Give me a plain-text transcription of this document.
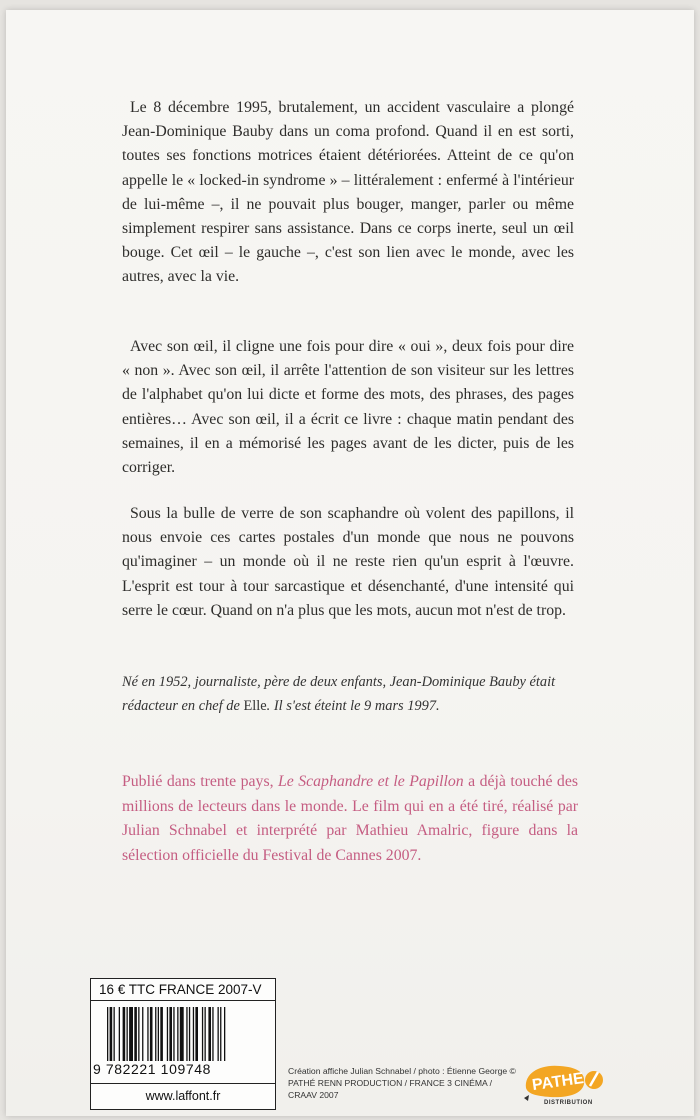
Le 8 décembre 1995, brutalement, un accident vasculaire a plongé Jean-Dominique Bauby dans un coma profond. Quand il en est sorti, toutes ses fonctions motrices étaient détériorées. Atteint de ce qu'on appelle le « locked-in syndrome » – littéralement : enfermé à l'intérieur de lui-même –, il ne pouvait plus bouger, manger, parler ou même simplement respirer sans assistance. Dans ce corps inerte, seul un œil bouge. Cet œil – le gauche –, c'est son lien avec le monde, avec les autres, avec la vie.

Avec son œil, il cligne une fois pour dire « oui », deux fois pour dire « non ». Avec son œil, il arrête l'attention de son visiteur sur les lettres de l'alphabet qu'on lui dicte et forme des mots, des phrases, des pages entières… Avec son œil, il a écrit ce livre : chaque matin pendant des semaines, il en a mémorisé les pages avant de les dicter, puis de les corriger.

Sous la bulle de verre de son scaphandre où volent des papillons, il nous envoie ces cartes postales d'un monde que nous ne pouvons qu'imaginer – un monde où il ne reste rien qu'un esprit à l'œuvre. L'esprit est tour à tour sarcastique et désenchanté, d'une intensité qui serre le cœur. Quand on n'a plus que les mots, aucun mot n'est de trop.

Né en 1952, journaliste, père de deux enfants, Jean-Dominique Bauby était rédacteur en chef de Elle. Il s'est éteint le 9 mars 1997.

Publié dans trente pays, Le Scaphandre et le Papillon a déjà touché des millions de lecteurs dans le monde. Le film qui en a été tiré, réalisé par Julian Schnabel et interprété par Mathieu Amalric, figure dans la sélection officielle du Festival de Cannes 2007.

16 € TTC FRANCE 2007-V
9 782221 109748
www.laffont.fr
Création affiche Julian Schnabel / photo : Étienne George © PATHÉ RENN PRODUCTION / FRANCE 3 CINÉMA / CRAAV 2007
PATHE
DISTRIBUTION
